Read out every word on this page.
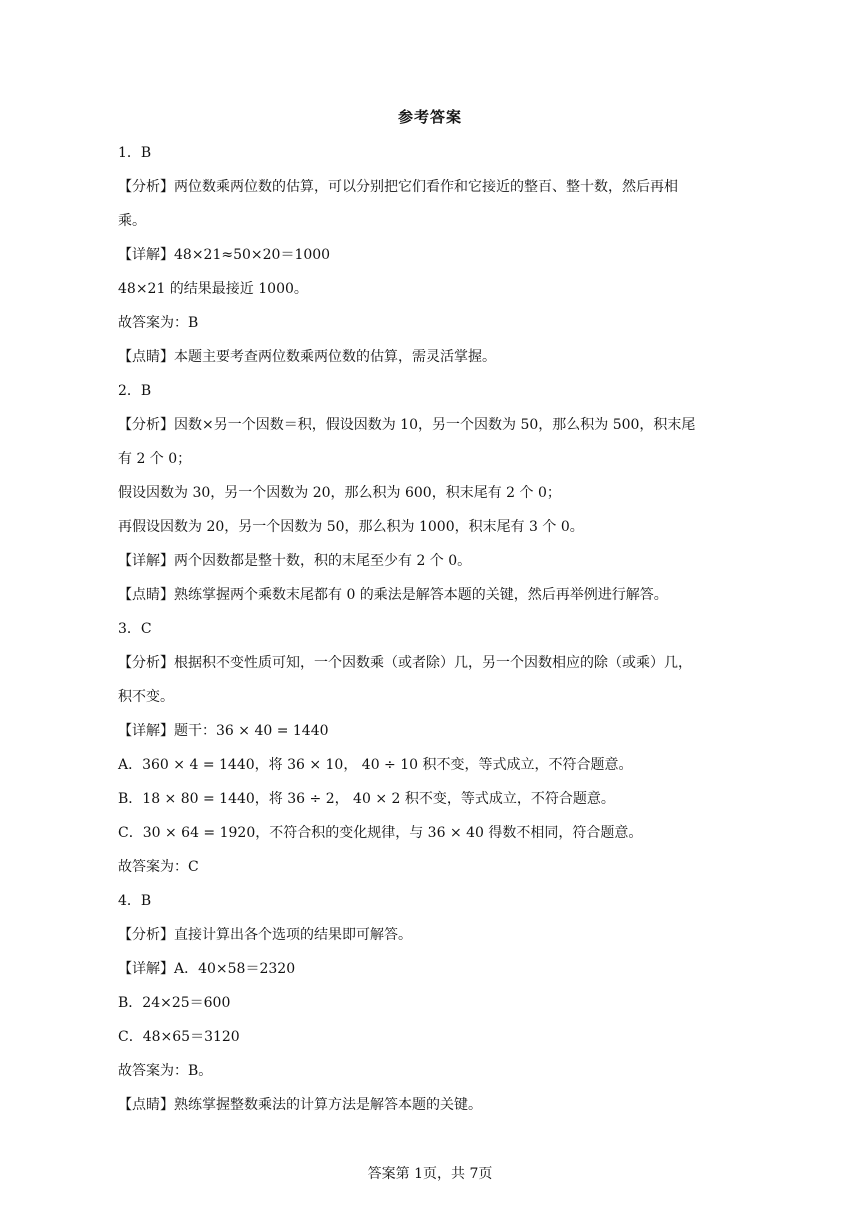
参考答案

1．B

【分析】两位数乘两位数的估算，可以分别把它们看作和它接近的整百、整十数，然后再相

乘。

【详解】48×21≈50×20＝1000

48×21 的结果最接近 1000。

故答案为：B

【点睛】本题主要考查两位数乘两位数的估算，需灵活掌握。

2．B

【分析】因数×另一个因数＝积，假设因数为 10，另一个因数为 50，那么积为 500，积末尾

有 2 个 0；

假设因数为 30，另一个因数为 20，那么积为 600，积末尾有 2 个 0；

再假设因数为 20，另一个因数为 50，那么积为 1000，积末尾有 3 个 0。

【详解】两个因数都是整十数，积的末尾至少有 2 个 0。

【点睛】熟练掌握两个乘数末尾都有 0 的乘法是解答本题的关键，然后再举例进行解答。

3．C

【分析】根据积不变性质可知，一个因数乘（或者除）几，另一个因数相应的除（或乘）几，

积不变。

【详解】题干：36 × 40 = 1440

A．360 × 4 = 1440，将 36 × 10， 40 ÷ 10 积不变，等式成立，不符合题意。

B．18 × 80 = 1440，将 36 ÷ 2， 40 × 2 积不变，等式成立，不符合题意。

C．30 × 64 = 1920，不符合积的变化规律，与 36 × 40 得数不相同，符合题意。

故答案为：C

4．B

【分析】直接计算出各个选项的结果即可解答。

【详解】A．40×58＝2320

B．24×25＝600

C．48×65＝3120

故答案为：B。

【点睛】熟练掌握整数乘法的计算方法是解答本题的关键。

答案第 1页，共 7页
